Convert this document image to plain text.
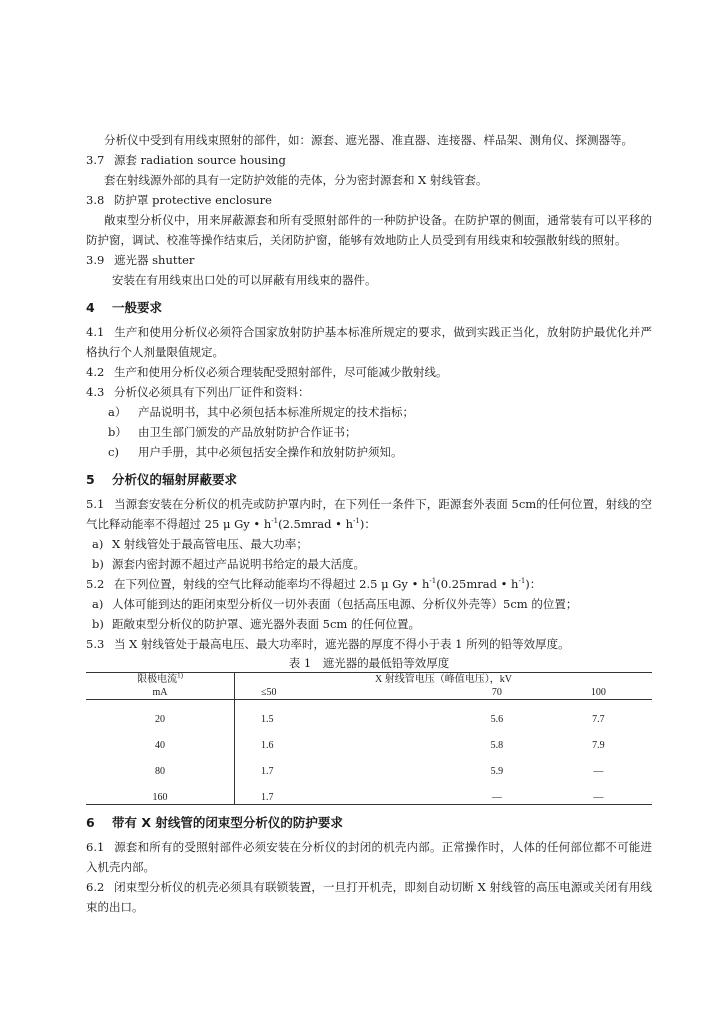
分析仪中受到有用线束照射的部件，如：源套、遮光器、准直器、连接器、样品架、测角仪、探测器等。

3.7 源套 radiation source housing

套在射线源外部的具有一定防护效能的壳体，分为密封源套和 X 射线管套。

3.8 防护罩 protective enclosure

敞束型分析仪中，用来屏蔽源套和所有受照射部件的一种防护设备。在防护罩的侧面，通常装有可以平移的防护窗，调试、校准等操作结束后，关闭防护窗，能够有效地防止人员受到有用线束和较强散射线的照射。

3.9 遮光器 shutter

安装在有用线束出口处的可以屏蔽有用线束的器件。

4 一般要求

4.1 生产和使用分析仪必须符合国家放射防护基本标准所规定的要求，做到实践正当化，放射防护最优化并严格执行个人剂量限值规定。

4.2 生产和使用分析仪必须合理装配受照射部件，尽可能减少散射线。

4.3 分析仪必须具有下列出厂证件和资料：

a） 产品说明书，其中必须包括本标准所规定的技术指标；

b） 由卫生部门颁发的产品放射防护合作证书；

c) 用户手册，其中必须包括安全操作和放射防护须知。

5 分析仪的辐射屏蔽要求

5.1 当源套安装在分析仪的机壳或防护罩内时，在下列任一条件下，距源套外表面 5cm的任何位置，射线的空气比释动能率不得超过 25 μ Gy • $h^{-1}(2.5mrad$ • $h^{-1}$)：

a) X 射线管处于最高管电压、最大功率；

b) 源套内密封源不超过产品说明书给定的最大活度。

5.2 在下列位置，射线的空气比释动能率均不得超过 2.5 μ Gy • $h^{-1}(0.25mrad$ • $h^{-1}$)：

a) 人体可能到达的距闭束型分析仪一切外表面（包括高压电源、分析仪外壳等）5cm 的位置；

b) 距敞束型分析仪的防护罩、遮光器外表面 5cm 的任何位置。

5.3 当 X 射线管处于最高电压、最大功率时，遮光器的厚度不得小于表 1 所列的铅等效厚度。

表 1　遮光器的最低铅等效厚度

限极电流$^{1)}$	X 射线管电压（峰值电压），kV		
mA	≤50	70	100

20	1.5	5.6	7.7

40	1.6	5.8	7.9

80	1.7	5.9	—

160	1.7	—	—
6 带有 X 射线管的闭束型分析仪的防护要求

6.1 源套和所有的受照射部件必须安装在分析仪的封闭的机壳内部。正常操作时，人体的任何部位都不可能进入机壳内部。

6.2 闭束型分析仪的机壳必须具有联锁装置，一旦打开机壳，即刻自动切断 X 射线管的高压电源或关闭有用线束的出口。
